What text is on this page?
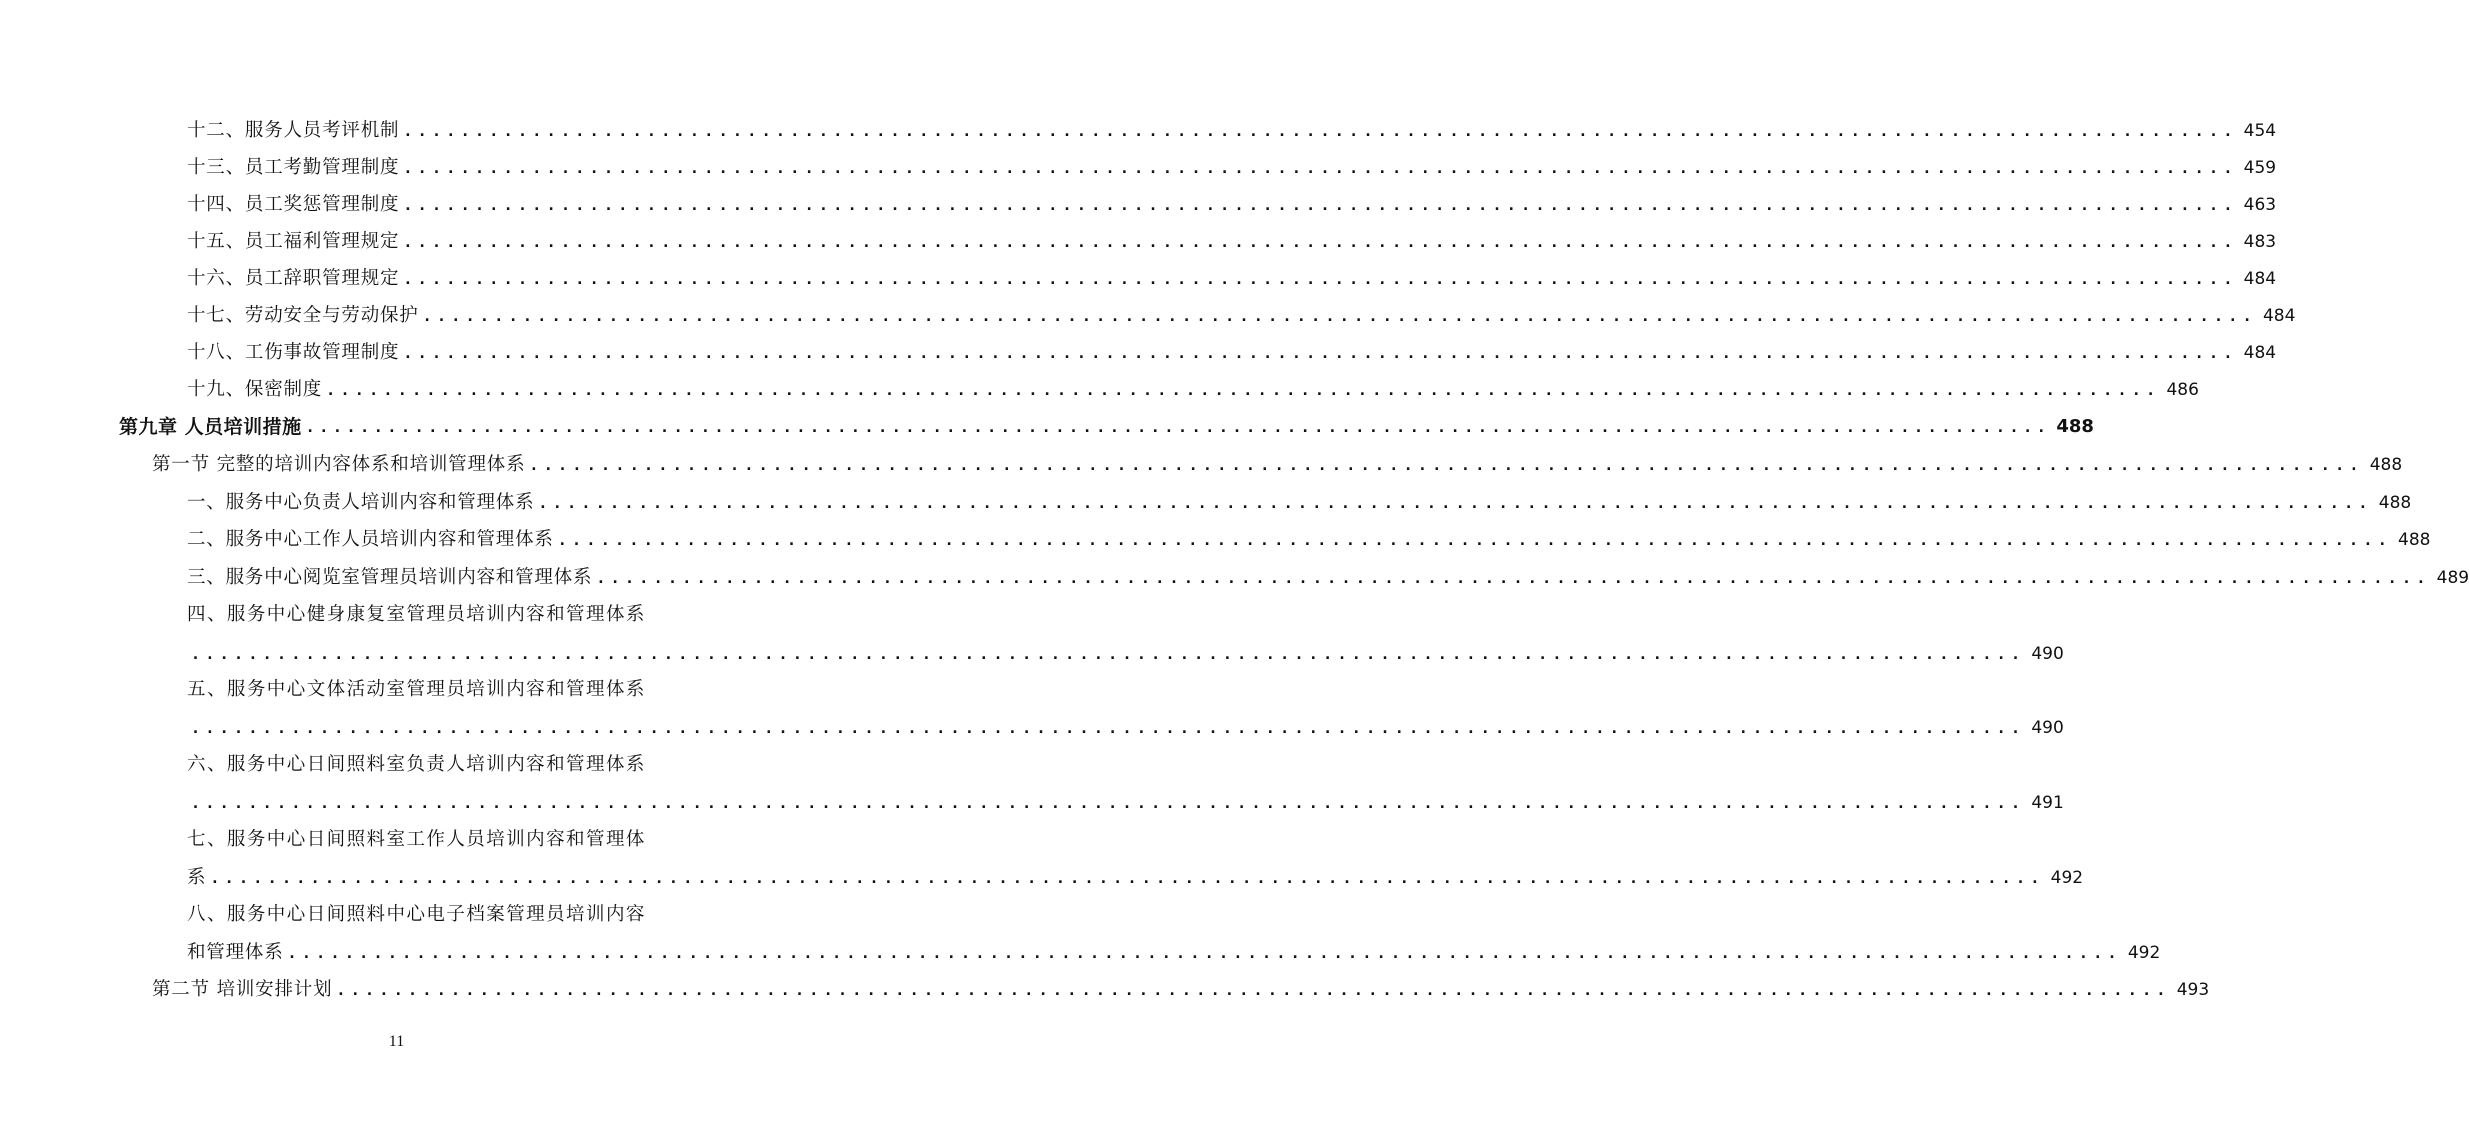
十二、服务人员考评机制 ................................................................................................................................ 454
十三、员工考勤管理制度 ................................................................................................................................ 459
十四、员工奖惩管理制度 ................................................................................................................................ 463
十五、员工福利管理规定 ................................................................................................................................ 483
十六、员工辞职管理规定 ................................................................................................................................ 484
十七、劳动安全与劳动保护 ................................................................................................................................ 484
十八、工伤事故管理制度 ................................................................................................................................ 484
十九、保密制度 ................................................................................................................................ 486
第九章 人员培训措施 ................................................................................................................................ 488
第一节 完整的培训内容体系和培训管理体系 ................................................................................................................................ 488
一、服务中心负责人培训内容和管理体系 ................................................................................................................................ 488
二、服务中心工作人员培训内容和管理体系 ................................................................................................................................ 488
三、服务中心阅览室管理员培训内容和管理体系 ................................................................................................................................ 489
四、服务中心健身康复室管理员培训内容和管理体系
................................................................................................................................ 490
五、服务中心文体活动室管理员培训内容和管理体系
................................................................................................................................ 490
六、服务中心日间照料室负责人培训内容和管理体系
................................................................................................................................ 491
七、服务中心日间照料室工作人员培训内容和管理体
系 ................................................................................................................................ 492
八、服务中心日间照料中心电子档案管理员培训内容
和管理体系 ................................................................................................................................ 492
第二节 培训安排计划 ................................................................................................................................ 493
11
